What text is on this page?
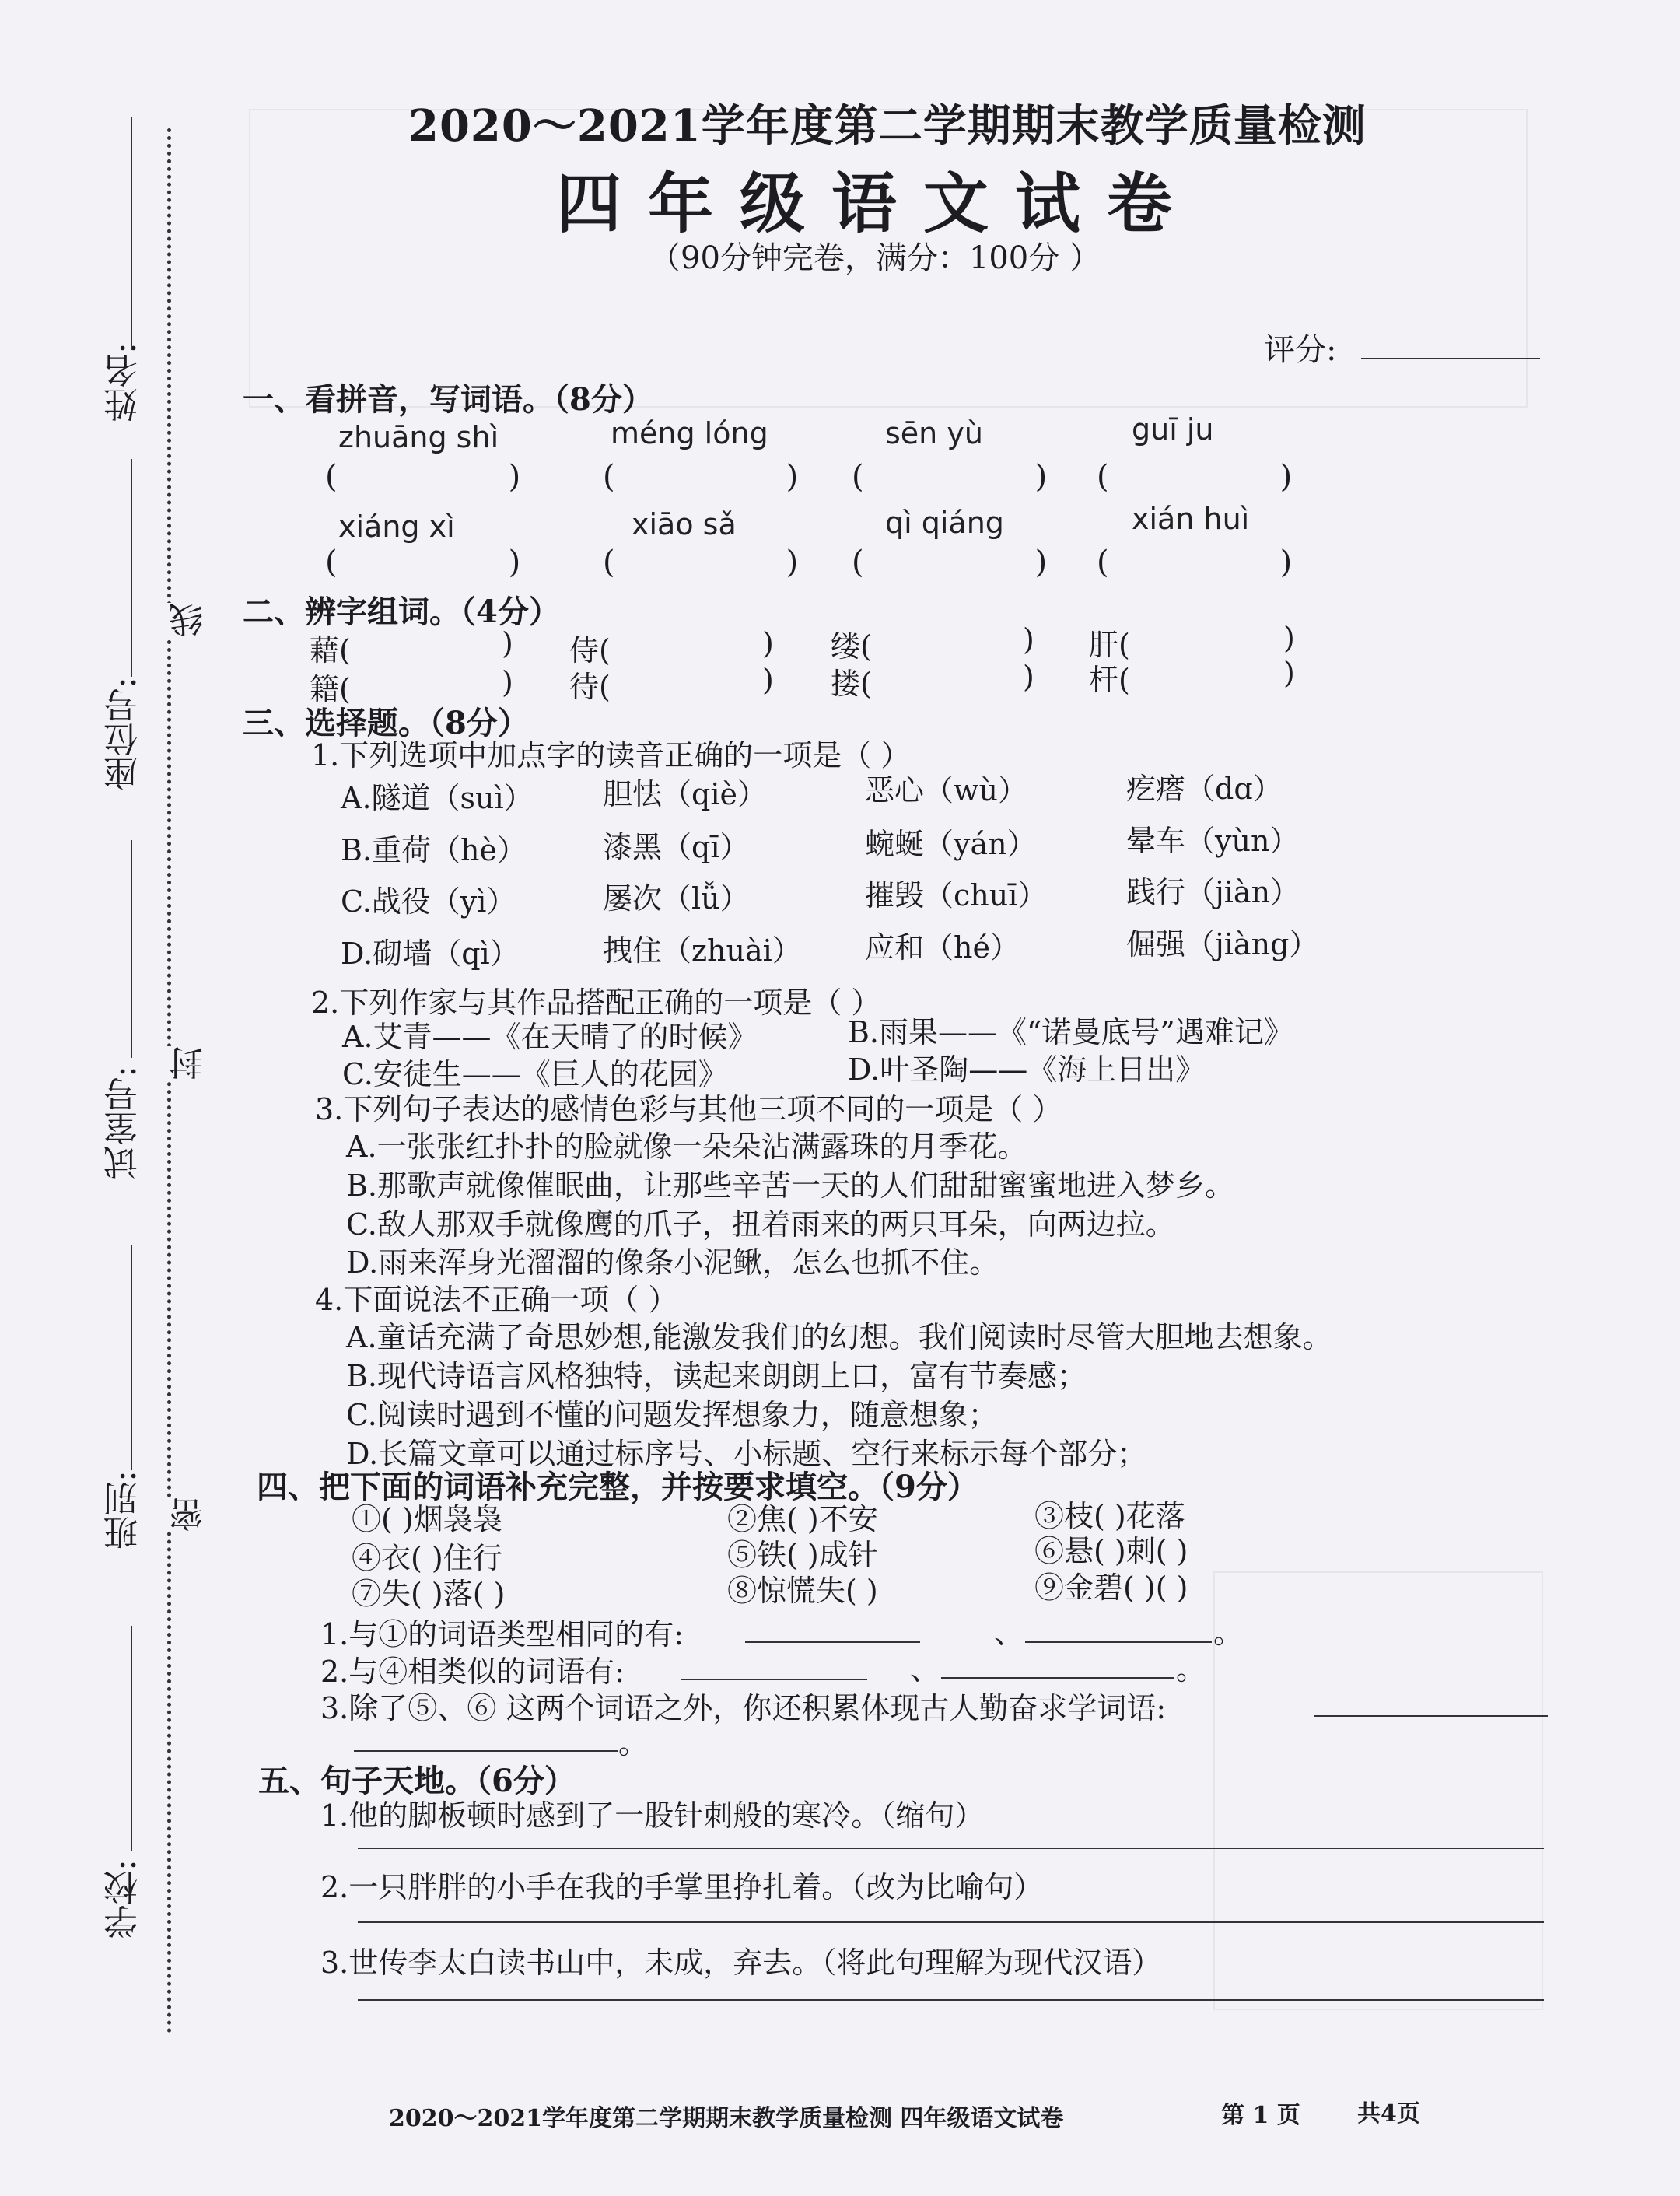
姓名:
座位号:
试室号:
班别:
学校:
线
封
密
2020～2021学年度第二学期期末教学质量检测
四年级语文试卷
（90分钟完卷，满分：100分 ）
评分:
一、看拼音，写词语。（8分）
zhuāng shì	méng lóng	sēn yù	guī ju
(	)	(	) (	) (	)
xiáng xì	xiāo sǎ	qì qiáng	xián huì
(	)	(	) (	) (	)
二、辨字组词。（4分）
藉(	) 侍(	) 缕(	) 肝(	)
籍(	) 待(	) 搂(	) 杆(	)
三、选择题。（8分）
1.下列选项中加点字的读音正确的一项是（ ）
A.隧道（suì） 胆怯（qiè）	恶心（wù）	疙瘩（dɑ）
B.重荷（hè）	漆黑（qī）	蜿蜒（yán）	晕车（yùn）
C.战役（yì）	屡次（lǚ）	摧毁（chuī）	践行（jiàn）
D.砌墙（qì）	拽住（zhuài） 应和（hé）	倔强（jiàng）
2.下列作家与其作品搭配正确的一项是（ ）
A.艾青——《在天晴了的时候》	B.雨果——《“诺曼底号”遇难记》
C.安徒生——《巨人的花园》	D.叶圣陶——《海上日出》
3.下列句子表达的感情色彩与其他三项不同的一项是（ ）
A.一张张红扑扑的脸就像一朵朵沾满露珠的月季花。
B.那歌声就像催眠曲，让那些辛苦一天的人们甜甜蜜蜜地进入梦乡。
C.敌人那双手就像鹰的爪子，扭着雨来的两只耳朵，向两边拉。
D.雨来浑身光溜溜的像条小泥鳅，怎么也抓不住。
4.下面说法不正确一项（ ）
A.童话充满了奇思妙想,能激发我们的幻想。我们阅读时尽管大胆地去想象。
B.现代诗语言风格独特，读起来朗朗上口，富有节奏感；
C.阅读时遇到不懂的问题发挥想象力，随意想象；
D.长篇文章可以通过标序号、小标题、空行来标示每个部分；
四、把下面的词语补充完整，并按要求填空。（9分）
①( )烟袅袅	②焦( )不安	③枝( )花落
④衣( )住行	⑤铁( )成针	⑥悬( )刺( )
⑦失( )落( )	⑧惊慌失( )	⑨金碧( )( )
1.与①的词语类型相同的有:	、	。
2.与④相类似的词语有:	、	。
3.除了⑤、⑥ 这两个词语之外，你还积累体现古人勤奋求学词语:
。
五、句子天地。（6分）
1.他的脚板顿时感到了一股针刺般的寒冷。（缩句）
2.一只胖胖的小手在我的手掌里挣扎着。（改为比喻句）
3.世传李太白读书山中，未成，弃去。（将此句理解为现代汉语）
2020～2021学年度第二学期期末教学质量检测 四年级语文试卷	第 1 页 共4页
